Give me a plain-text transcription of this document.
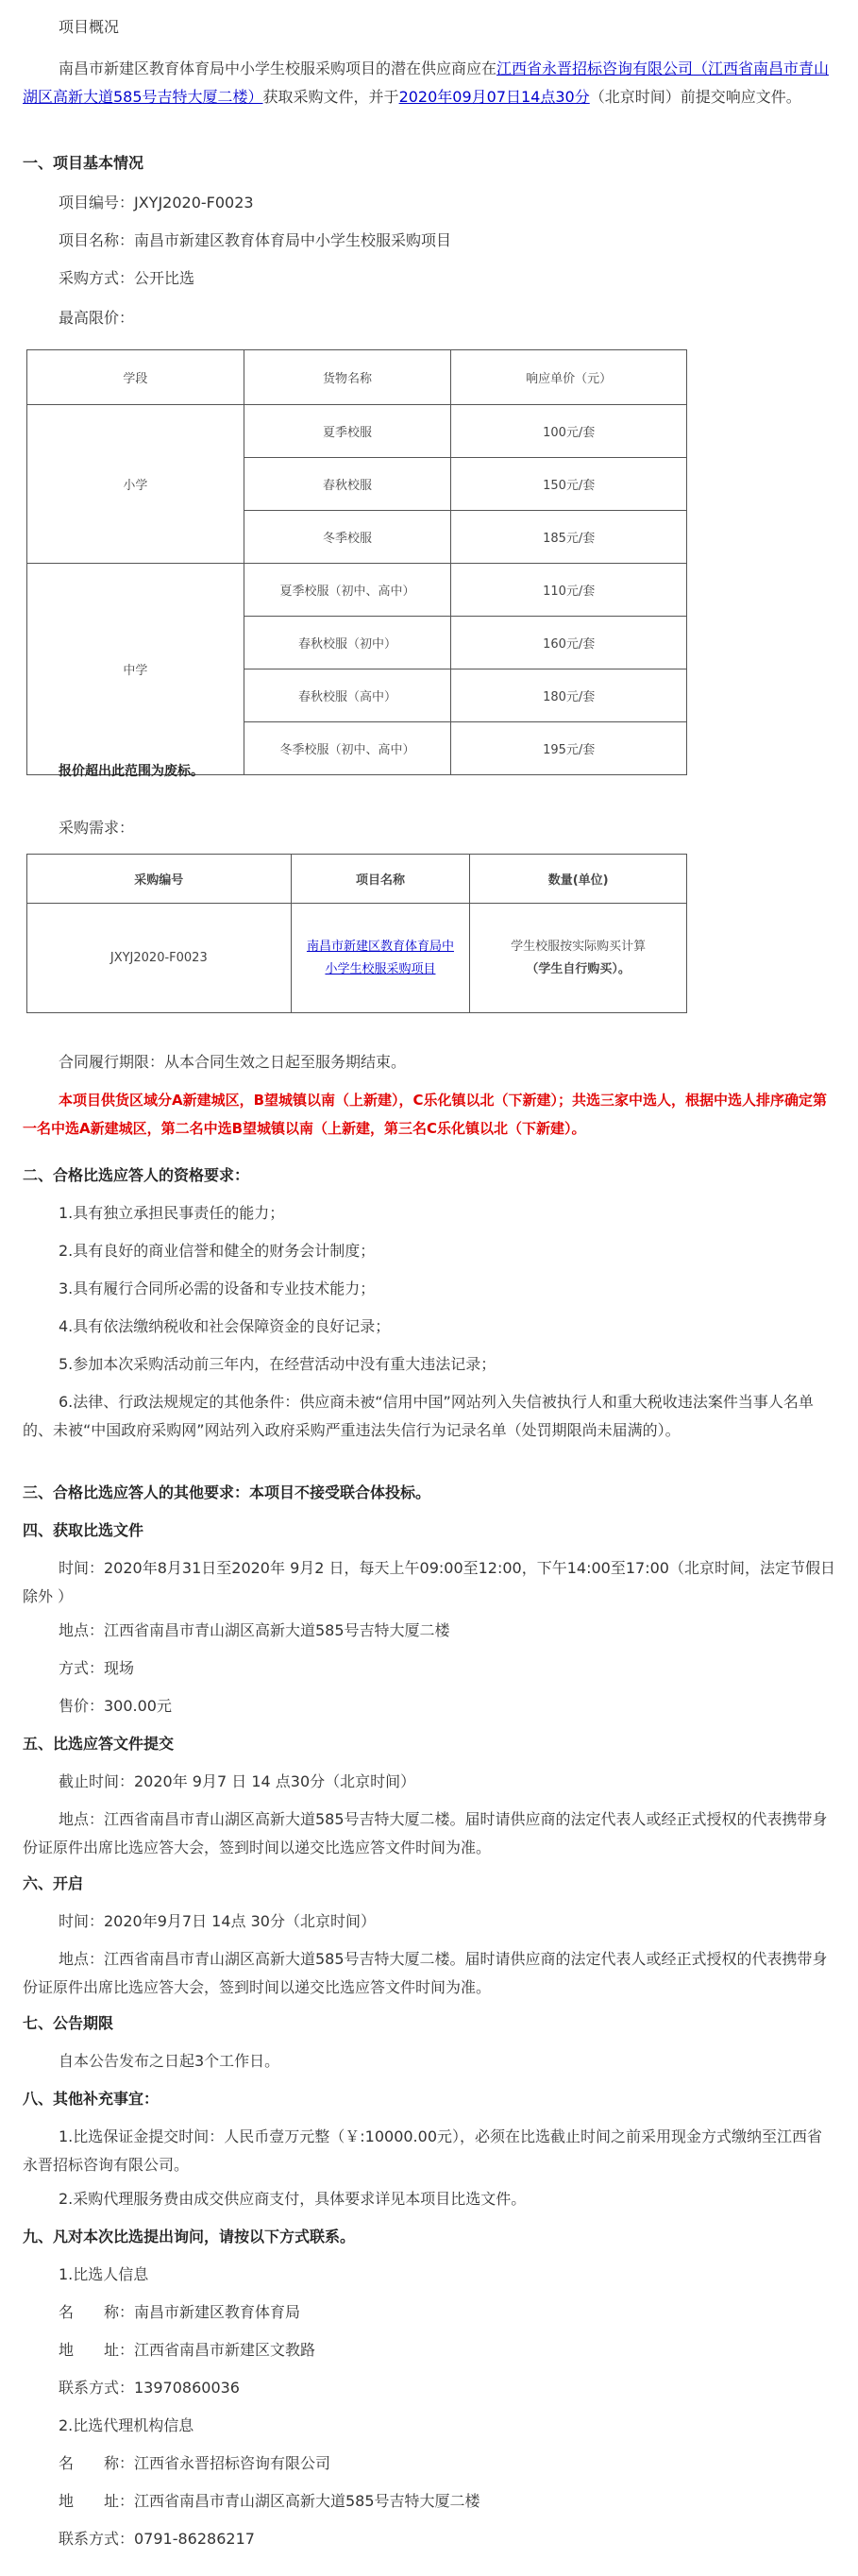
项目概况

南昌市新建区教育体育局中小学生校服采购项目的潜在供应商应在江西省永晋招标咨询有限公司（江西省南昌市青山湖区高新大道585号吉特大厦二楼）获取采购文件，并于2020年09月07日14点30分（北京时间）前提交响应文件。

一、项目基本情况

项目编号：JXYJ2020-F0023

项目名称：南昌市新建区教育体育局中小学生校服采购项目

采购方式：公开比选

最高限价：

学段	货物名称	响应单价（元）
小学	夏季校服	100元/套
	春秋校服	150元/套
	冬季校服	185元/套
中学	夏季校服（初中、高中）	110元/套
	春秋校服（初中）	160元/套
	春秋校服（高中）	180元/套
	冬季校服（初中、高中）	195元/套

报价超出此范围为废标。

采购需求：

采购编号	项目名称	数量(单位)
JXYJ2020-F0023	南昌市新建区教育体育局中小学生校服采购项目	学生校服按实际购买计算
（学生自行购买）。

合同履行期限：从本合同生效之日起至服务期结束。

本项目供货区域分A新建城区，B望城镇以南（上新建），C乐化镇以北（下新建）；共选三家中选人，根据中选人排序确定第一名中选A新建城区，第二名中选B望城镇以南（上新建，第三名C乐化镇以北（下新建）。

二、合格比选应答人的资格要求：

1.具有独立承担民事责任的能力；

2.具有良好的商业信誉和健全的财务会计制度；

3.具有履行合同所必需的设备和专业技术能力；

4.具有依法缴纳税收和社会保障资金的良好记录；

5.参加本次采购活动前三年内，在经营活动中没有重大违法记录；

6.法律、行政法规规定的其他条件：供应商未被“信用中国”网站列入失信被执行人和重大税收违法案件当事人名单的、未被“中国政府采购网”网站列入政府采购严重违法失信行为记录名单（处罚期限尚未届满的）。

三、合格比选应答人的其他要求：本项目不接受联合体投标。

四、获取比选文件

时间：2020年8月31日至2020年 9月2 日，每天上午09:00至12:00，下午14:00至17:00（北京时间，法定节假日除外 ）

地点：江西省南昌市青山湖区高新大道585号吉特大厦二楼

方式：现场

售价：300.00元

五、比选应答文件提交

截止时间：2020年 9月7 日 14 点30分（北京时间）

地点：江西省南昌市青山湖区高新大道585号吉特大厦二楼。届时请供应商的法定代表人或经正式授权的代表携带身份证原件出席比选应答大会，签到时间以递交比选应答文件时间为准。

六、开启

时间：2020年9月7日 14点 30分（北京时间）

地点：江西省南昌市青山湖区高新大道585号吉特大厦二楼。届时请供应商的法定代表人或经正式授权的代表携带身份证原件出席比选应答大会，签到时间以递交比选应答文件时间为准。

七、公告期限

自本公告发布之日起3个工作日。

八、其他补充事宜：

1.比选保证金提交时间：人民币壹万元整（￥:10000.00元），必须在比选截止时间之前采用现金方式缴纳至江西省永晋招标咨询有限公司。

2.采购代理服务费由成交供应商支付，具体要求详见本项目比选文件。

九、凡对本次比选提出询问，请按以下方式联系。

1.比选人信息

名　　称：南昌市新建区教育体育局

地　　址：江西省南昌市新建区文教路

联系方式：13970860036

2.比选代理机构信息

名　　称：江西省永晋招标咨询有限公司

地　　址：江西省南昌市青山湖区高新大道585号吉特大厦二楼

联系方式：0791-86286217
